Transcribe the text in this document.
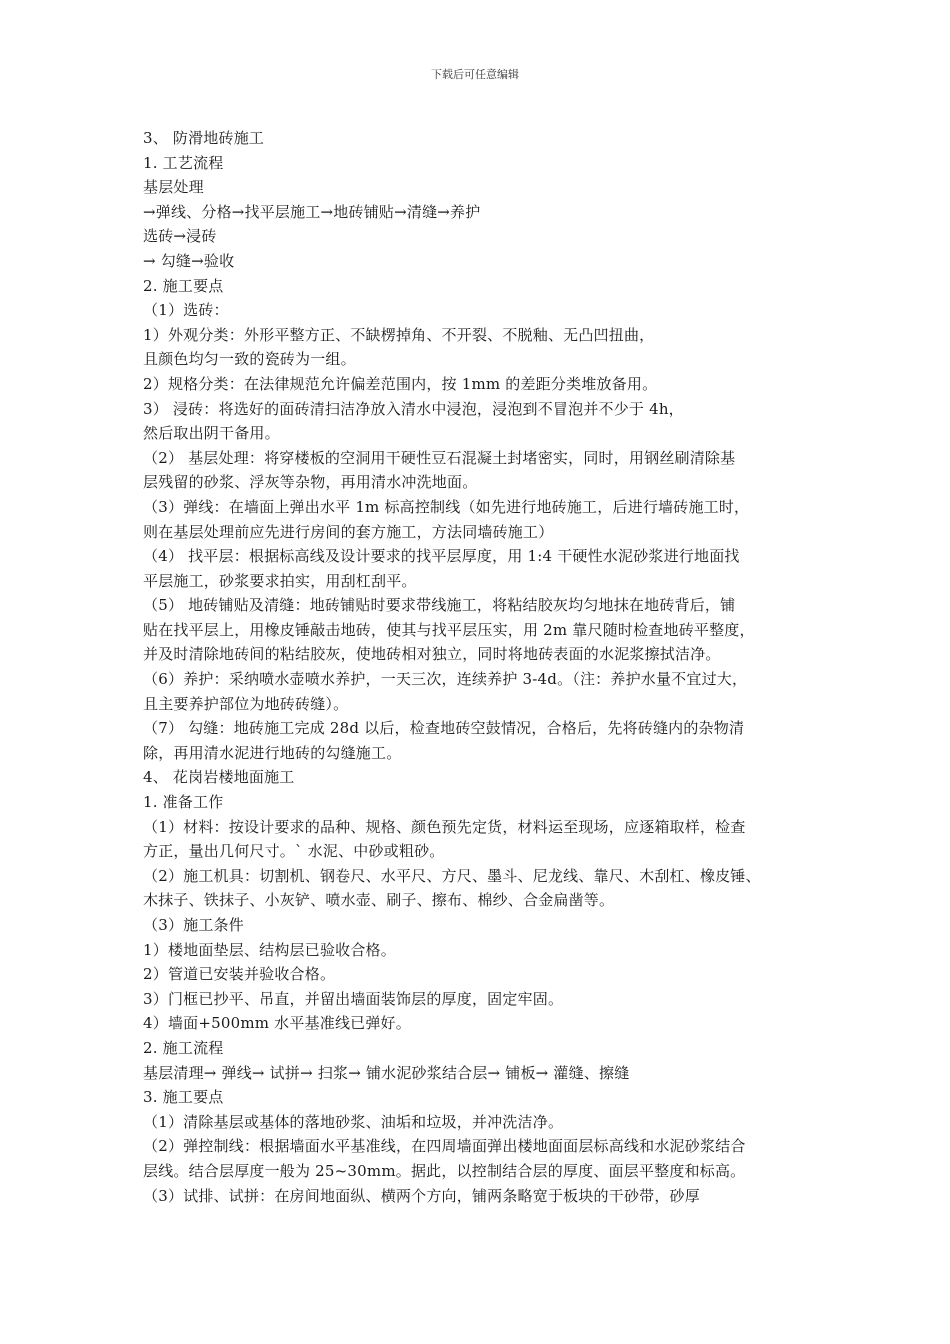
下载后可任意编辑
3、 防滑地砖施工
1. 工艺流程
基层处理
→弹线、分格→找平层施工→地砖铺贴→清缝→养护
选砖→浸砖
→ 勾缝→验收
2. 施工要点
（1）选砖：
1）外观分类：外形平整方正、不缺楞掉角、不开裂、不脱釉、无凸凹扭曲，
且颜色均匀一致的瓷砖为一组。
2）规格分类：在法律规范允许偏差范围内，按 1mm 的差距分类堆放备用。
3） 浸砖：将选好的面砖清扫洁净放入清水中浸泡，浸泡到不冒泡并不少于 4h，
然后取出阴干备用。
（2） 基层处理：将穿楼板的空洞用干硬性豆石混凝土封堵密实，同时，用钢丝刷清除基
层残留的砂浆、浮灰等杂物，再用清水冲洗地面。
（3）弹线：在墙面上弹出水平 1m 标高控制线（如先进行地砖施工，后进行墙砖施工时，
则在基层处理前应先进行房间的套方施工，方法同墙砖施工）
（4） 找平层：根据标高线及设计要求的找平层厚度，用 1:4 干硬性水泥砂浆进行地面找
平层施工，砂浆要求拍实，用刮杠刮平。
（5） 地砖铺贴及清缝：地砖铺贴时要求带线施工，将粘结胶灰均匀地抹在地砖背后，铺
贴在找平层上，用橡皮锤敲击地砖，使其与找平层压实，用 2m 靠尺随时检查地砖平整度，
并及时清除地砖间的粘结胶灰，使地砖相对独立，同时将地砖表面的水泥浆擦拭洁净。
（6）养护：采纳喷水壶喷水养护，一天三次，连续养护 3-4d。（注：养护水量不宜过大，
且主要养护部位为地砖砖缝）。
（7） 勾缝：地砖施工完成 28d 以后，检查地砖空鼓情况，合格后，先将砖缝内的杂物清
除，再用清水泥进行地砖的勾缝施工。
4、 花岗岩楼地面施工
1. 准备工作
（1）材料：按设计要求的品种、规格、颜色预先定货，材料运至现场，应逐箱取样，检查
方正，量出几何尺寸。` 水泥、中砂或粗砂。
（2）施工机具：切割机、钢卷尺、水平尺、方尺、墨斗、尼龙线、靠尺、木刮杠、橡皮锤、
木抹子、铁抹子、小灰铲、喷水壶、刷子、擦布、棉纱、合金扁凿等。
（3）施工条件
1）楼地面垫层、结构层已验收合格。
2）管道已安装并验收合格。
3）门框已抄平、吊直，并留出墙面装饰层的厚度，固定牢固。
4）墙面+500mm 水平基准线已弹好。
2. 施工流程
基层清理→ 弹线→ 试拼→ 扫浆→ 铺水泥砂浆结合层→ 铺板→ 灌缝、擦缝
3. 施工要点
（1）清除基层或基体的落地砂浆、油垢和垃圾，并冲洗洁净。
（2）弹控制线：根据墙面水平基准线，在四周墙面弹出楼地面面层标高线和水泥砂浆结合
层线。结合层厚度一般为 25~30mm。据此，以控制结合层的厚度、面层平整度和标高。
（3）试排、试拼：在房间地面纵、横两个方向，铺两条略宽于板块的干砂带，砂厚
